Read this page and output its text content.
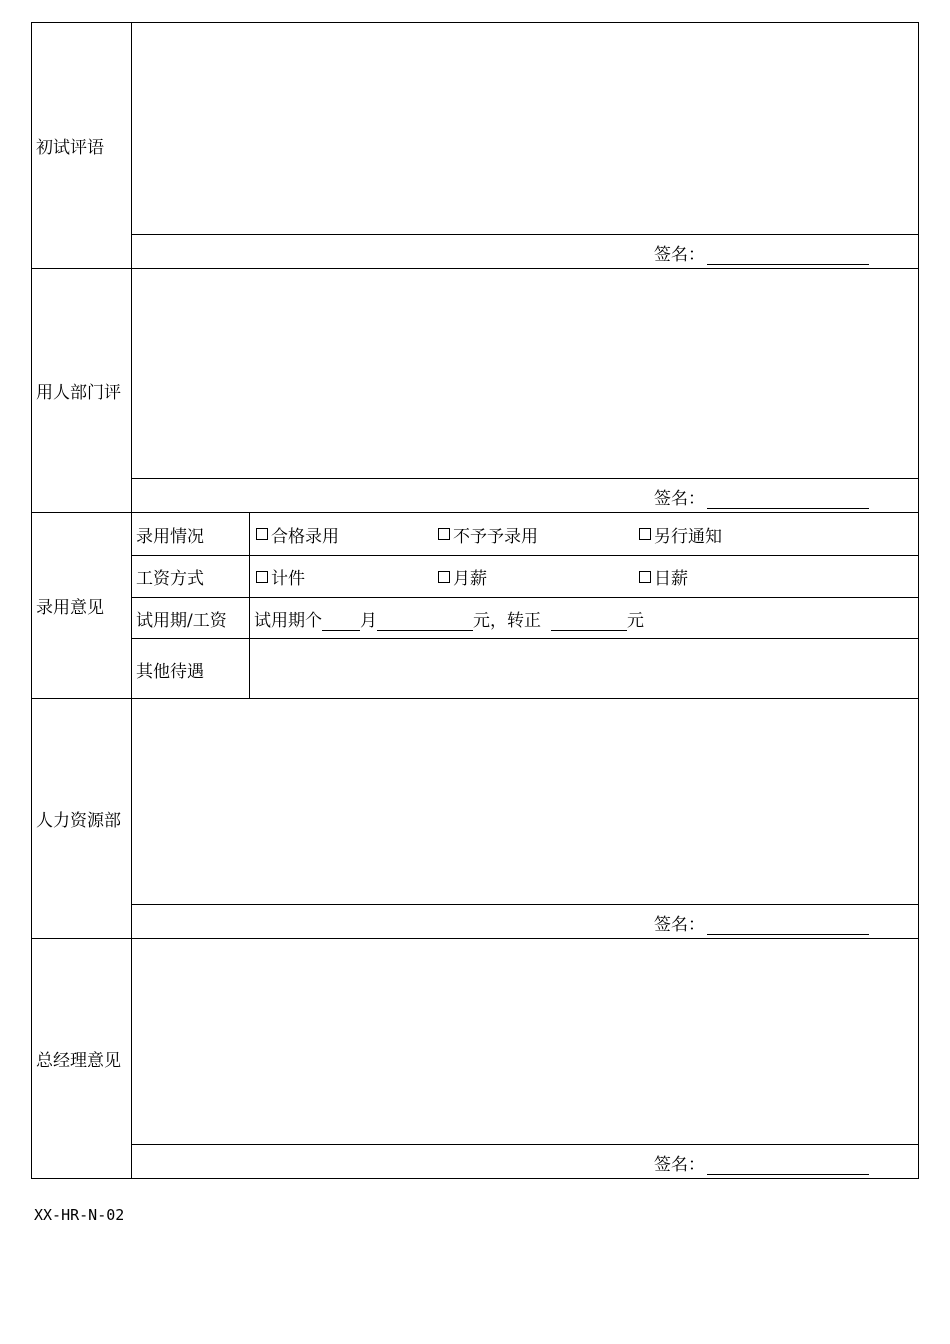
初试评语
签名：
用人部门评
签名：
录用意见
录用情况	合格录用	不予予录用	另行通知
工资方式	计件	月薪	日薪
试用期/工资	试用期个 月	元，转正	元
其他待遇
人力资源部
签名：
总经理意见
签名：
XX-HR-N-02
